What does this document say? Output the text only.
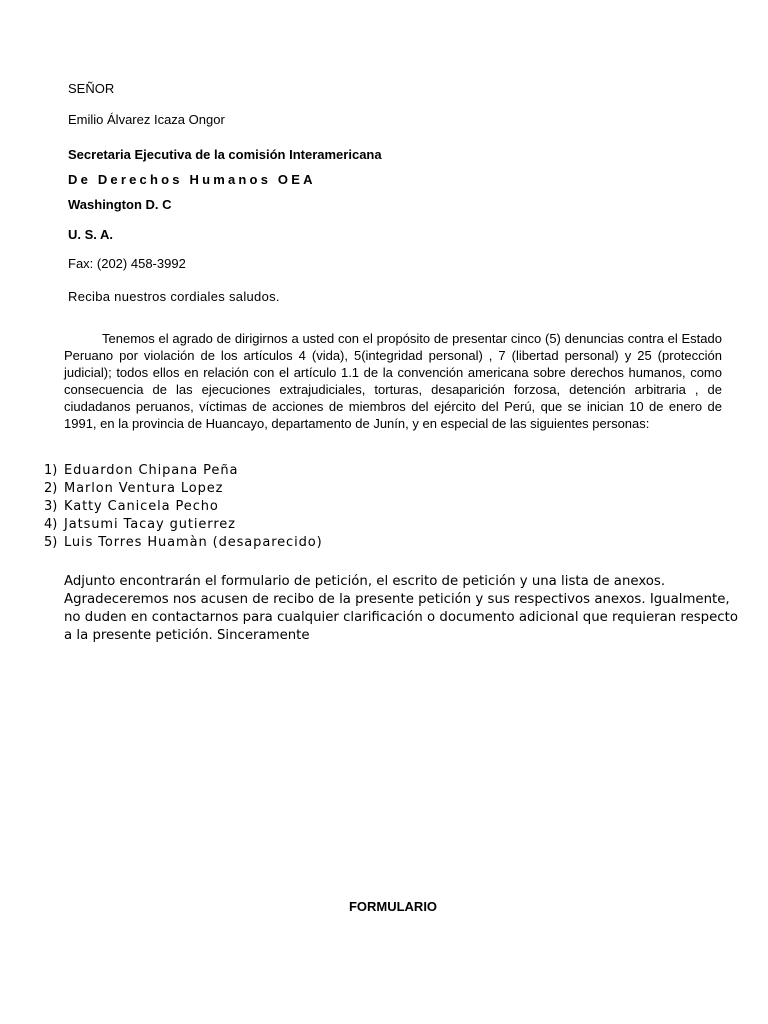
SEÑOR
Emilio Álvarez Icaza Ongor
Secretaria Ejecutiva de la comisión Interamericana
De Derechos Humanos OEA
Washington D. C
U. S. A.
Fax: (202) 458-3992
Reciba nuestros cordiales saludos.

Tenemos el agrado de dirigirnos a usted con el propósito de presentar cinco (5) denuncias contra el Estado Peruano por violación de los artículos 4 (vida), 5(integridad personal) , 7 (libertad personal) y 25 (protección judicial); todos ellos en relación con el artículo 1.1 de la convención americana sobre derechos humanos, como consecuencia de las ejecuciones extrajudiciales, torturas, desaparición forzosa, detención arbitraria , de ciudadanos peruanos, víctimas de acciones de miembros del ejército del Perú, que se inician 10 de enero de 1991, en la provincia de Huancayo, departamento de Junín, y en especial de las siguientes personas:

1) Eduardon Chipana Peña
2) Marlon Ventura Lopez
3) Katty Canicela Pecho
4) Jatsumi Tacay gutierrez
5) Luis Torres Huamàn (desaparecido)

Adjunto encontrarán el formulario de petición, el escrito de petición y una lista de anexos. Agradeceremos nos acusen de recibo de la presente petición y sus respectivos anexos. Igualmente, no duden en contactarnos para cualquier clarificación o documento adicional que requieran respecto a la presente petición. Sinceramente

FORMULARIO
